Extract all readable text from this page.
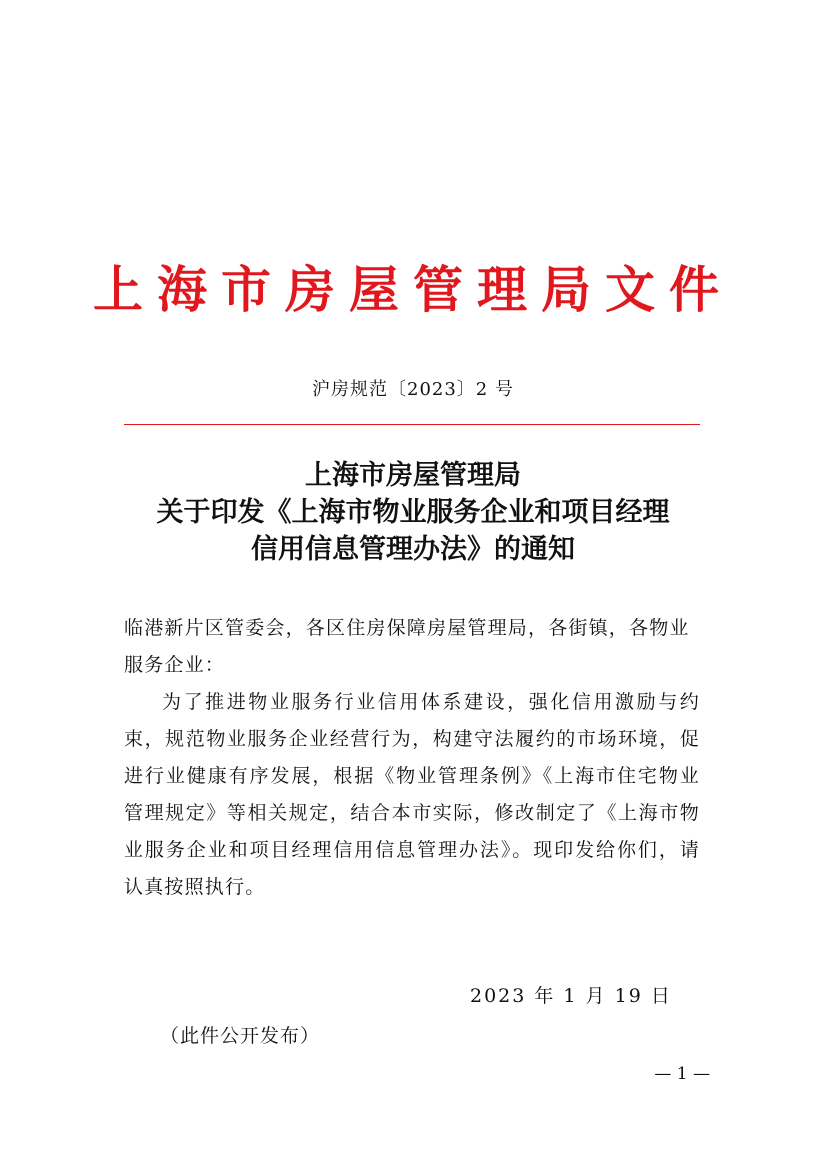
上海市房屋管理局文件
沪房规范〔2023〕2 号
上海市房屋管理局
关于印发《上海市物业服务企业和项目经理
信用信息管理办法》的通知

临港新片区管委会，各区住房保障房屋管理局，各街镇，各物业服务企业：

为了推进物业服务行业信用体系建设，强化信用激励与约束，规范物业服务企业经营行为，构建守法履约的市场环境，促进行业健康有序发展，根据《物业管理条例》《上海市住宅物业管理规定》等相关规定，结合本市实际，修改制定了《上海市物业服务企业和项目经理信用信息管理办法》。现印发给你们，请认真按照执行。

2023 年 1 月 19 日
（此件公开发布）
— 1 —
